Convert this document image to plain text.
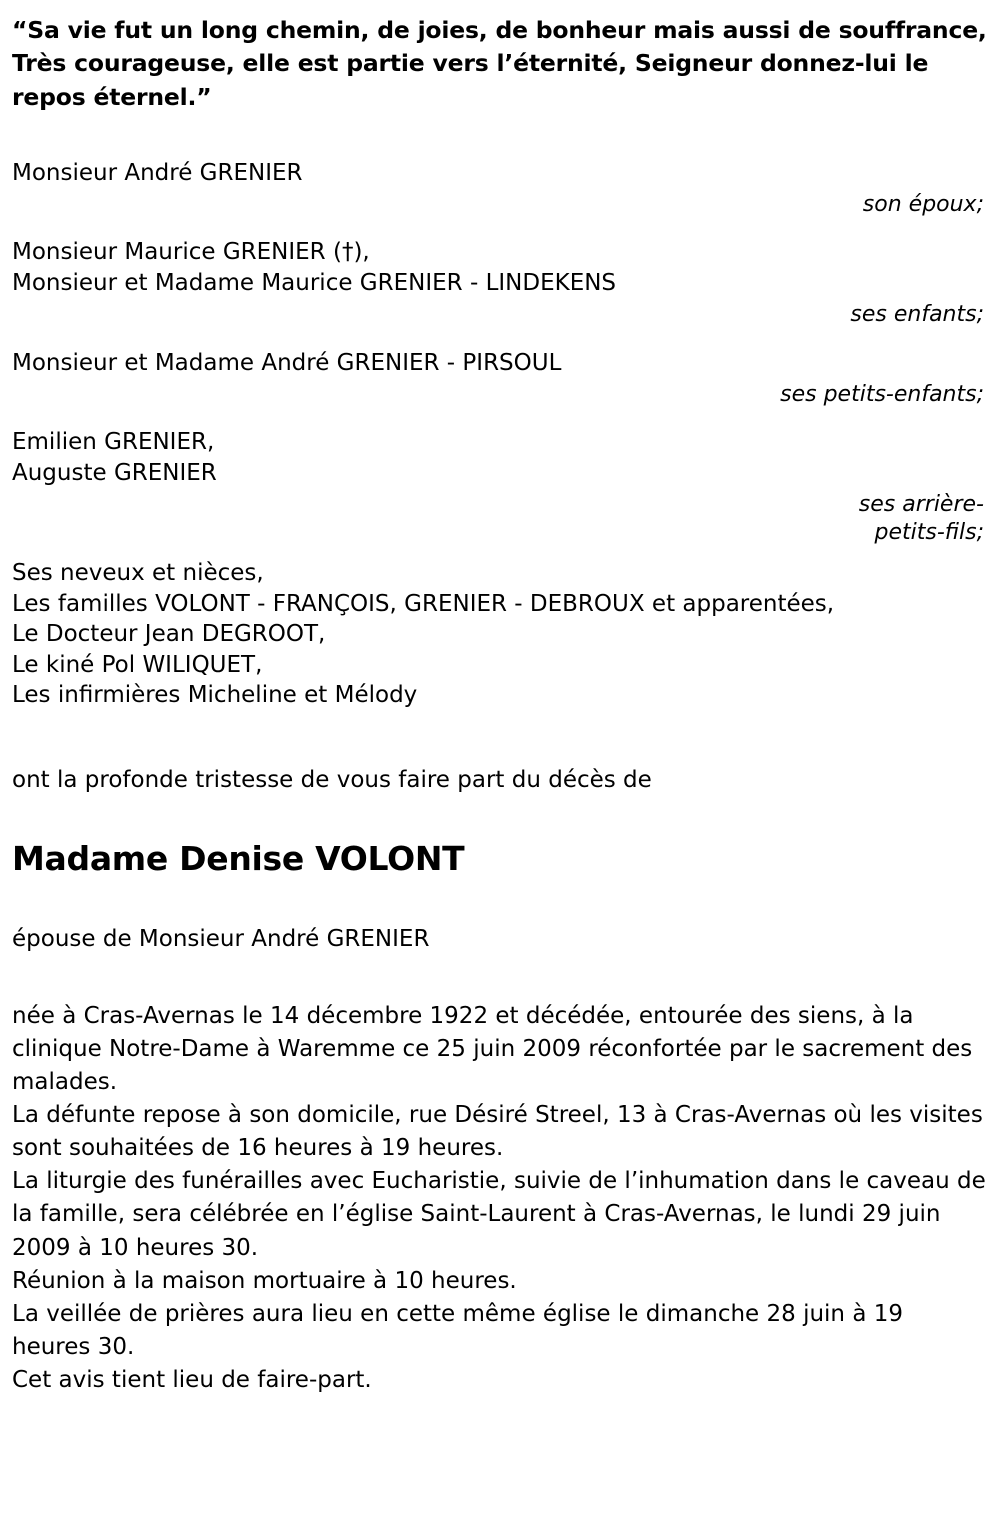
“Sa vie fut un long chemin, de joies, de bonheur mais aussi de souffrance, Très courageuse, elle est partie vers l’éternité, Seigneur donnez-lui le repos éternel.”
Monsieur André GRENIER
son époux;
Monsieur Maurice GRENIER (†),
Monsieur et Madame Maurice GRENIER - LINDEKENS
ses enfants;
Monsieur et Madame André GRENIER - PIRSOUL
ses petits-enfants;
Emilien GRENIER,
Auguste GRENIER
ses arrière-
petits-fils;
Ses neveux et nièces,
Les familles VOLONT - FRANÇOIS, GRENIER - DEBROUX et apparentées,
Le Docteur Jean DEGROOT,
Le kiné Pol WILIQUET,
Les infirmières Micheline et Mélody
ont la profonde tristesse de vous faire part du décès de
Madame Denise VOLONT
épouse de Monsieur André GRENIER

née à Cras-Avernas le 14 décembre 1922 et décédée, entourée des siens, à la clinique Notre-Dame à Waremme ce 25 juin 2009 réconfortée par le sacrement des malades.

La défunte repose à son domicile, rue Désiré Streel, 13 à Cras-Avernas où les visites sont souhaitées de 16 heures à 19 heures.

La liturgie des funérailles avec Eucharistie, suivie de l’inhumation dans le caveau de la famille, sera célébrée en l’église Saint-Laurent à Cras-Avernas, le lundi 29 juin 2009 à 10 heures 30.

Réunion à la maison mortuaire à 10 heures.

La veillée de prières aura lieu en cette même église le dimanche 28 juin à 19 heures 30.

Cet avis tient lieu de faire-part.
